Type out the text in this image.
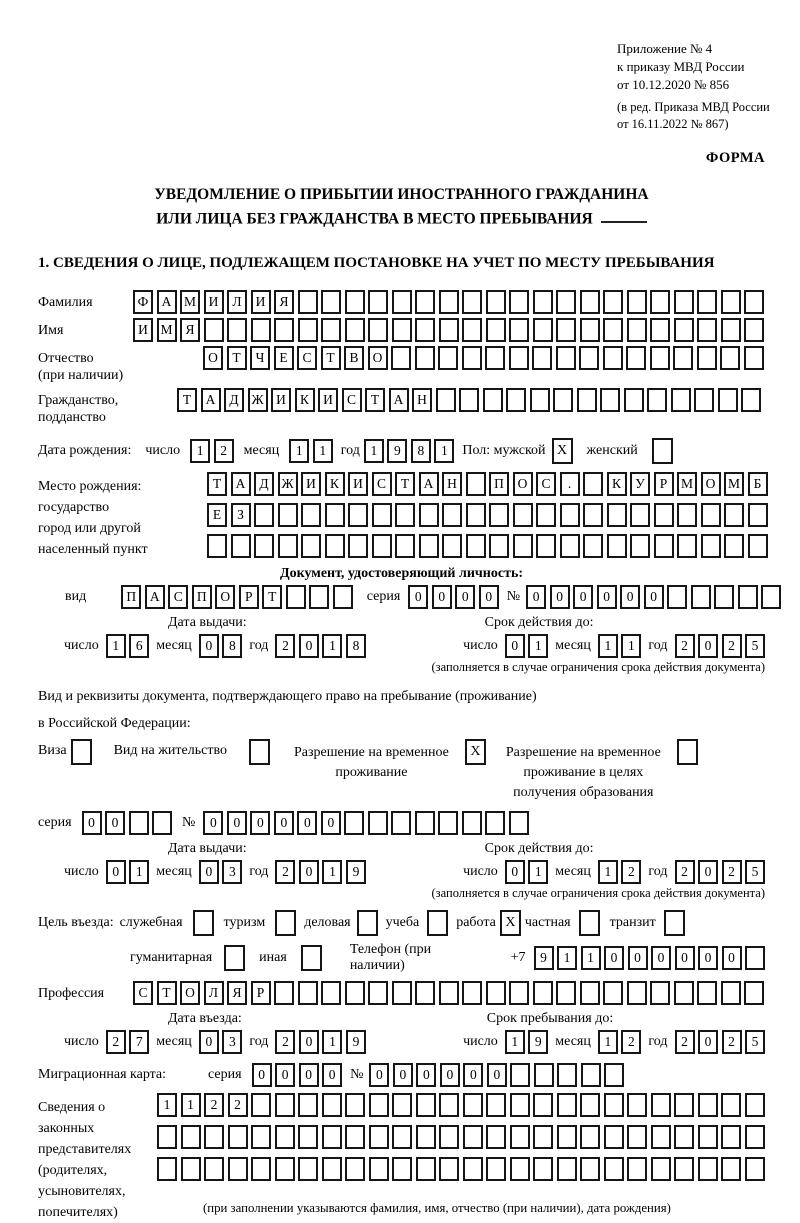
Приложение № 4
к приказу МВД России
от 10.12.2020 № 856
(в ред. Приказа МВД России
от 16.11.2022 № 867)
ФОРМА
УВЕДОМЛЕНИЕ О ПРИБЫТИИ ИНОСТРАННОГО ГРАЖДАНИНА
ИЛИ ЛИЦА БЕЗ ГРАЖДАНСТВА В МЕСТО ПРЕБЫВАНИЯ
1. СВЕДЕНИЯ О ЛИЦЕ, ПОДЛЕЖАЩЕМ ПОСТАНОВКЕ НА УЧЕТ ПО МЕСТУ ПРЕБЫВАНИЯ
Фамилия	Ф А М И	Л	И	Я
Имя	И М Я
Отчество
(при наличии)
О	Т	Ч	Е	С	Т	В	О
Гражданство,
подданство
Т	А	Д Ж И	К	И	С	Т	А	Н
Дата рождения: число	1	2	месяц	1	1	год 1	9	8	1	Пол: мужской X	женский
Место рождения:
государство
город или другой
населенный пункт
Т	А	Д Ж И	К	И	С	Т	А	Н	П	О	С	.	К	У	Р	М О М	Б
Е	З
Документ, удостоверяющий личность:
вид	П	А	С	П	О	Р	Т	серия	0	0	0	0	№ 0	0	0	0	0	0
Дата выдачи:	Срок действия до:
число	1	6 месяц	0	8 год	2	0	1	8	число	0	1 месяц	1	1 год	2	0	2	5
(заполняется в случае ограничения срока действия документа)
Вид и реквизиты документа, подтверждающего право на пребывание (проживание)
в Российской Федерации:
Виза	Вид на жительство	Разрешение на временное
проживание
X	Разрешение на временное
проживание в целях
получения образования
серия	0	0	№	0	0	0	0	0	0
Дата выдачи:	Срок действия до:
число	0	1 месяц	0	3 год	2	0	1	9	число	0	1 месяц	1	2 год	2	0	2	5
(заполняется в случае ограничения срока действия документа)
Цель въезда: служебная	туризм	деловая	учеба	работа X частная	транзит
гуманитарная	иная
Телефон (при наличии)
+7	9	1	1	0	0	0	0	0	0
Профессия	С	Т	О	Л	Я	Р
Дата въезда:	Срок пребывания до:
число	2	7 месяц	0	3 год	2	0	1	9	число	1	9 месяц	1	2 год	2	0	2	5
Миграционная карта:	серия	0	0	0	0	№ 0	0	0	0	0	0
Сведения о
законных
представителях
(родителях,
усыновителях,
попечителях)
1	1	2	2
(при заполнении указываются фамилия, имя, отчество (при наличии), дата рождения)
